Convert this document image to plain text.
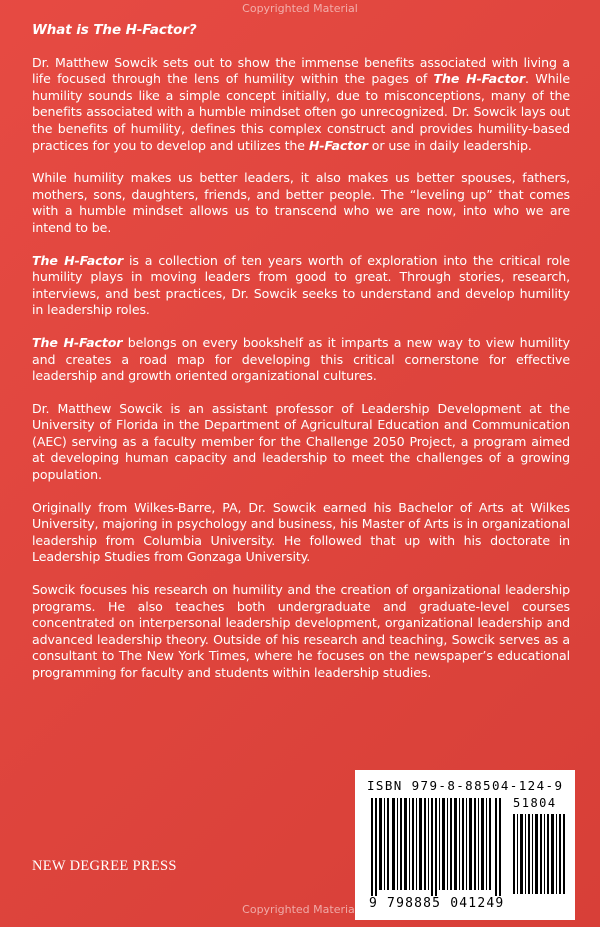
Copyrighted Material

What is The H-Factor?

Dr. Matthew Sowcik sets out to show the immense benefits associated with living a life focused through the lens of humility within the pages of The H-Factor. While humility sounds like a simple concept initially, due to misconceptions, many of the benefits associated with a humble mindset often go unrecognized. Dr. Sowcik lays out the benefits of humility, defines this complex construct and provides humility-based practices for you to develop and utilizes the H-Factor or use in daily leadership.

While humility makes us better leaders, it also makes us better spouses, fathers, mothers, sons, daughters, friends, and better people. The “leveling up” that comes with a humble mindset allows us to transcend who we are now, into who we are intend to be.

The H-Factor is a collection of ten years worth of exploration into the critical role humility plays in moving leaders from good to great. Through stories, research, interviews, and best practices, Dr. Sowcik seeks to understand and develop humility in leadership roles.

The H-Factor belongs on every bookshelf as it imparts a new way to view humility and creates a road map for developing this critical cornerstone for effective leadership and growth oriented organizational cultures.

Dr. Matthew Sowcik is an assistant professor of Leadership Development at the University of Florida in the Department of Agricultural Education and Communication (AEC) serving as a faculty member for the Challenge 2050 Project, a program aimed at developing human capacity and leadership to meet the challenges of a growing population.

Originally from Wilkes-Barre, PA, Dr. Sowcik earned his Bachelor of Arts at Wilkes University, majoring in psychology and business, his Master of Arts is in organizational leadership from Columbia University. He followed that up with his doctorate in Leadership Studies from Gonzaga University.

Sowcik focuses his research on humility and the creation of organizational leadership programs. He also teaches both undergraduate and graduate-level courses concentrated on interpersonal leadership development, organizational leadership and advanced leadership theory. Outside of his research and teaching, Sowcik serves as a consultant to The New York Times, where he focuses on the newspaper’s educational programming for faculty and students within leadership studies.

NEW DEGREE PRESS
ISBN 979-8-88504-124-9
51804
9 798885 041249
Copyrighted Material
